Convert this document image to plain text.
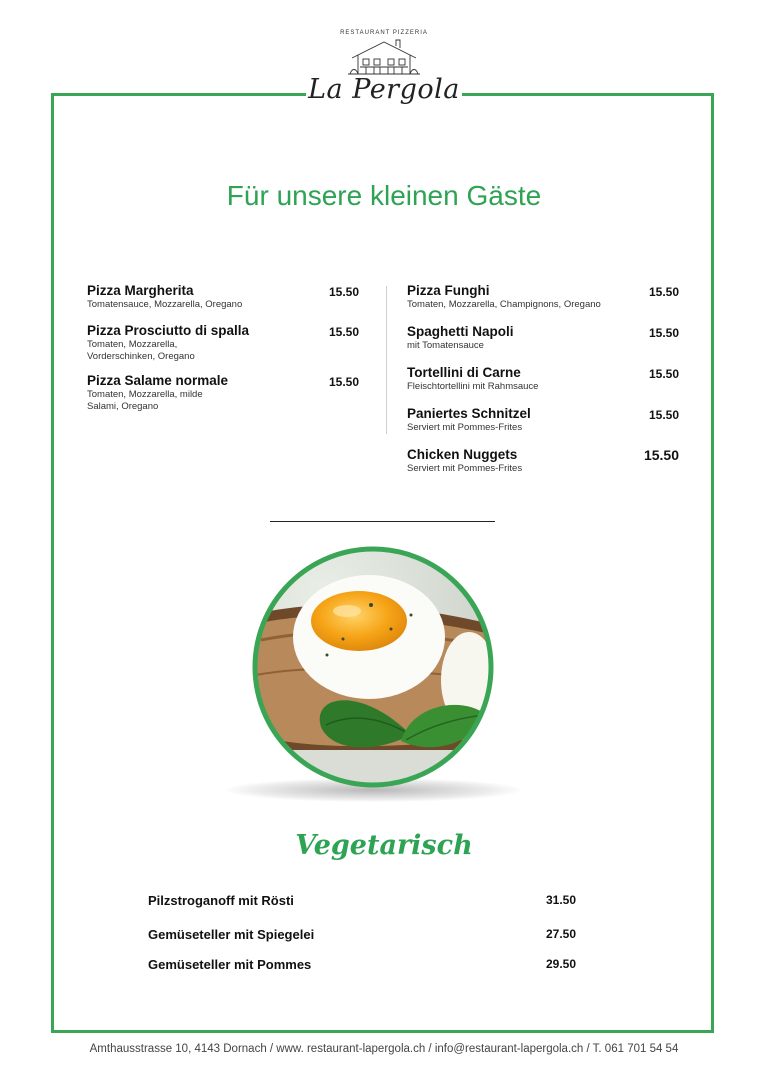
RESTAURANT PIZZERIA
La Pergola
Für unsere kleinen Gäste
Pizza Margherita	15.50
Tomatensauce, Mozzarella, Oregano
Pizza Prosciutto di spalla	15.50
Tomaten, Mozzarella, Vorderschinken, Oregano
Pizza Salame normale	15.50
Tomaten, Mozzarella, milde Salami, Oregano
Pizza Funghi	15.50
Tomaten, Mozzarella, Champignons, Oregano
Spaghetti Napoli	15.50
mit Tomatensauce
Tortellini di Carne	15.50
Fleischtortellini mit Rahmsauce
Paniertes Schnitzel	15.50
Serviert mit Pommes-Frites
Chicken Nuggets	15.50
Serviert mit Pommes-Frites
Vegetarisch
Pilzstroganoff mit Rösti	31.50
Gemüseteller mit Spiegelei	27.50
Gemüseteller mit Pommes	29.50
Amthausstrasse 10, 4143 Dornach / www. restaurant-lapergola.ch / info@restaurant-lapergola.ch / T. 061 701 54 54
